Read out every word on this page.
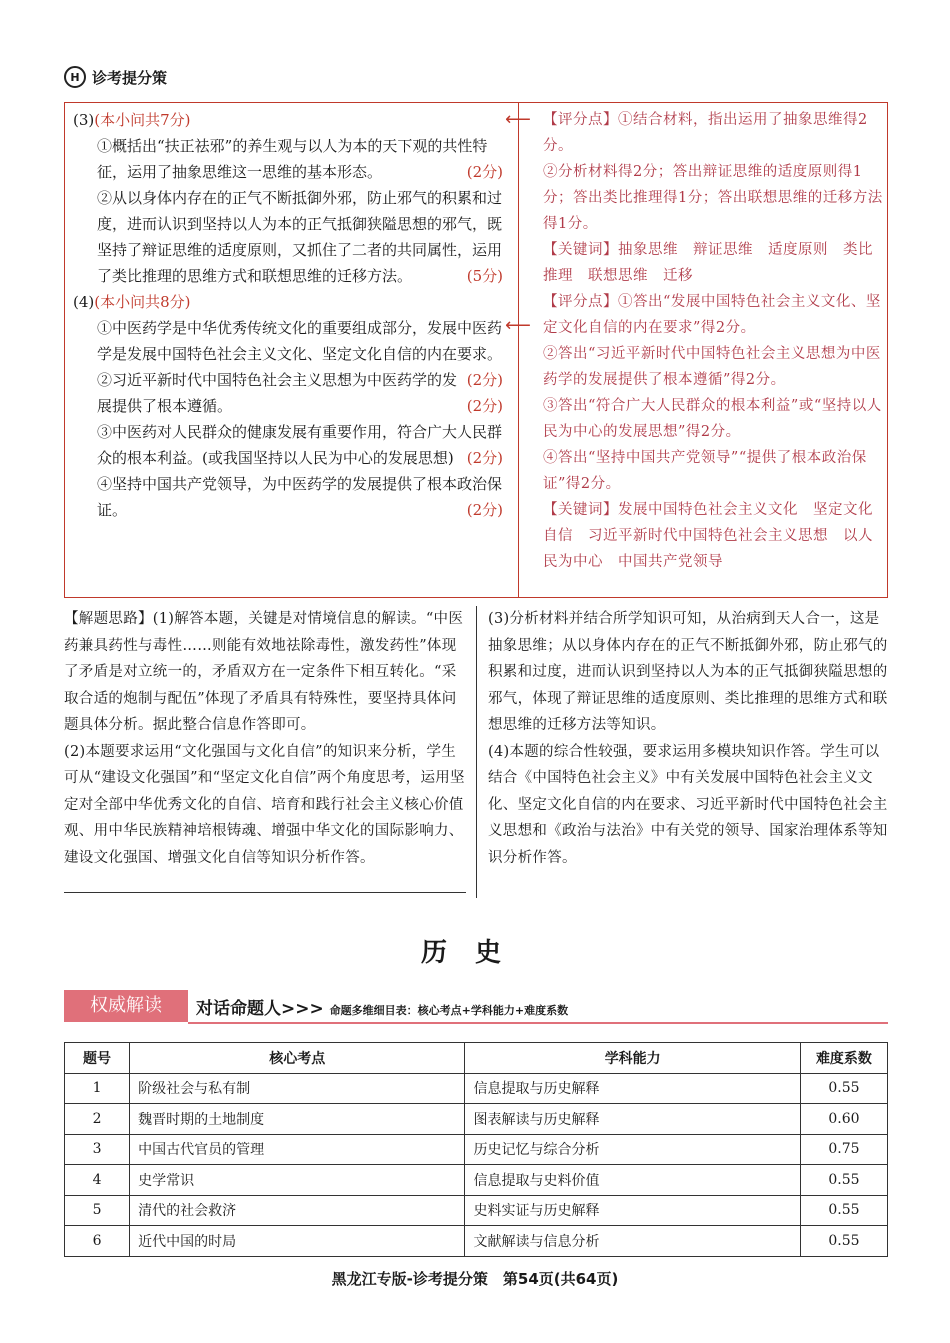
H 诊考提分策

(3)(本小问共7分)

①概括出“扶正祛邪”的养生观与以人为本的天下观的共性特征，运用了抽象思维这一思维的基本形态。	(2分)

②从以身体内存在的正气不断抵御外邪，防止邪气的积累和过度，进而认识到坚持以人为本的正气抵御狭隘思想的邪气，既坚持了辩证思维的适度原则，又抓住了二者的共同属性，运用了类比推理的思维方式和联想思维的迁移方法。	(5分)

(4)(本小问共8分)

①中医药学是中华优秀传统文化的重要组成部分，发展中医药学是发展中国特色社会主义文化、坚定文化自信的内在要求。
(2分)

②习近平新时代中国特色社会主义思想为中医药学的发展提供了根本遵循。	(2分)

③中医药对人民群众的健康发展有重要作用，符合广大人民群众的根本利益。(或我国坚持以人民为中心的发展思想) (2分)

④坚持中国共产党领导，为中医药学的发展提供了根本政治保证。	(2分)

⟵
⟵

【评分点】①结合材料，指出运用了抽象思维得2分。

②分析材料得2分；答出辩证思维的适度原则得1分；答出类比推理得1分；答出联想思维的迁移方法得1分。

【关键词】抽象思维　辩证思维　适度原则　类比推理　联想思维　迁移

【评分点】①答出“发展中国特色社会主义文化、坚定文化自信的内在要求”得2分。

②答出“习近平新时代中国特色社会主义思想为中医药学的发展提供了根本遵循”得2分。

③答出“符合广大人民群众的根本利益”或“坚持以人民为中心的发展思想”得2分。

④答出“坚持中国共产党领导”“提供了根本政治保证”得2分。

【关键词】发展中国特色社会主义文化　坚定文化自信　习近平新时代中国特色社会主义思想　以人民为中心　中国共产党领导

【解题思路】(1)解答本题，关键是对情境信息的解读。“中医药兼具药性与毒性……则能有效地祛除毒性，激发药性”体现了矛盾是对立统一的，矛盾双方在一定条件下相互转化。“采取合适的炮制与配伍”体现了矛盾具有特殊性，要坚持具体问题具体分析。据此整合信息作答即可。

(2)本题要求运用“文化强国与文化自信”的知识来分析，学生可从“建设文化强国”和“坚定文化自信”两个角度思考，运用坚定对全部中华优秀文化的自信、培育和践行社会主义核心价值观、用中华民族精神培根铸魂、增强中华文化的国际影响力、建设文化强国、增强文化自信等知识分析作答。

(3)分析材料并结合所学知识可知，从治病到天人合一，这是抽象思维；从以身体内存在的正气不断抵御外邪，防止邪气的积累和过度，进而认识到坚持以人为本的正气抵御狭隘思想的邪气，体现了辩证思维的适度原则、类比推理的思维方式和联想思维的迁移方法等知识。

(4)本题的综合性较强，要求运用多模块知识作答。学生可以结合《中国特色社会主义》中有关发展中国特色社会主义文化、坚定文化自信的内在要求、习近平新时代中国特色社会主义思想和《政治与法治》中有关党的领导、国家治理体系等知识分析作答。

历史
权威解读	对话命题人>>> 命题多维细目表：核心考点+学科能力+难度系数
题号	核心考点	学科能力	难度系数
1	阶级社会与私有制	信息提取与历史解释	0.55
2	魏晋时期的土地制度	图表解读与历史解释	0.60
3	中国古代官员的管理	历史记忆与综合分析	0.75
4	史学常识	信息提取与史料价值	0.55
5	清代的社会救济	史料实证与历史解释	0.55
6	近代中国的时局	文献解读与信息分析	0.55
黑龙江专版-诊考提分策　第54页(共64页)
